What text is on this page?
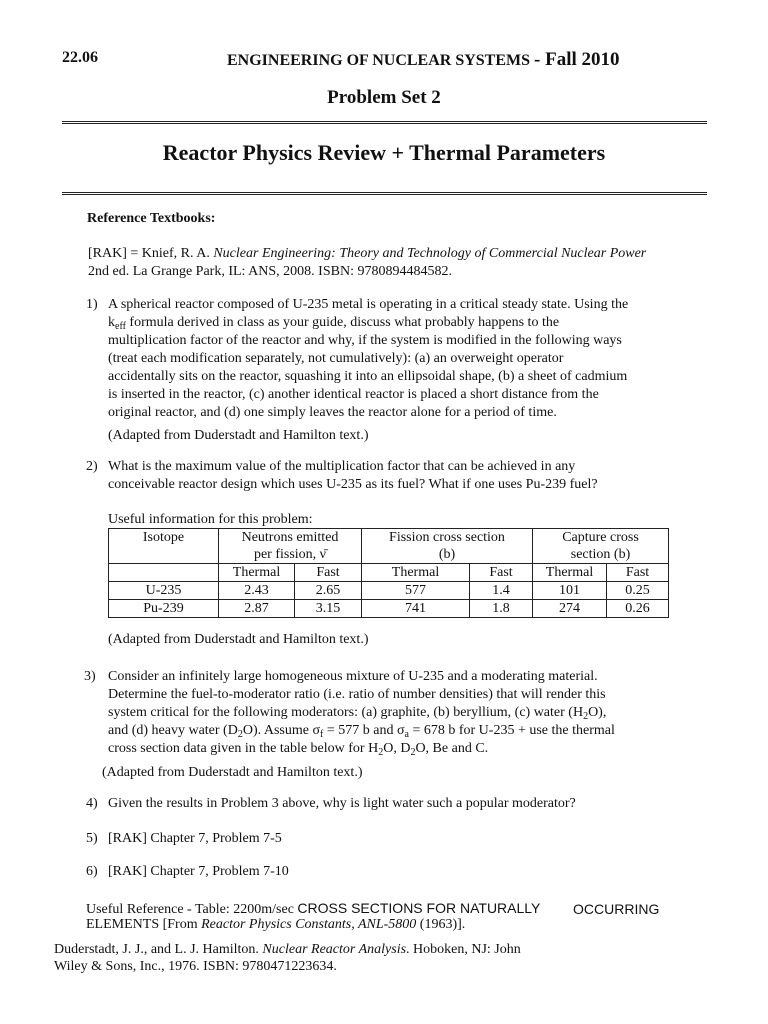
22.06	ENGINEERING OF NUCLEAR SYSTEMS - Fall 2010
Problem Set 2
Reactor Physics Review + Thermal Parameters
Reference Textbooks:
[RAK] = Knief, R. A. Nuclear Engineering: Theory and Technology of Commercial Nuclear Power
2nd ed. La Grange Park, IL: ANS, 2008. ISBN: 9780894484582.
1) A spherical reactor composed of U-235 metal is operating in a critical steady state. Using the
$k_{eff}$ formula derived in class as your guide, discuss what probably happens to the
multiplication factor of the reactor and why, if the system is modified in the following ways
(treat each modification separately, not cumulatively): (a) an overweight operator
accidentally sits on the reactor, squashing it into an ellipsoidal shape, (b) a sheet of cadmium
is inserted in the reactor, (c) another identical reactor is placed a short distance from the
original reactor, and (d) one simply leaves the reactor alone for a period of time.
(Adapted from Duderstadt and Hamilton text.)
2) What is the maximum value of the multiplication factor that can be achieved in any
conceivable reactor design which uses U-235 as its fuel? What if one uses Pu-239 fuel?
Useful information for this problem:
Isotope	Neutrons emitted		Fission cross section		Capture cross	
	per fission, ν̄		(b)		section (b)	
	Thermal	Fast	Thermal	Fast	Thermal	Fast
U-235	2.43	2.65	577	1.4	101	0.25
Pu-239	2.87	3.15	741	1.8	274	0.26
(Adapted from Duderstadt and Hamilton text.)
3) Consider an infinitely large homogeneous mixture of U-235 and a moderating material.
Determine the fuel-to-moderator ratio (i.e. ratio of number densities) that will render this
system critical for the following moderators: (a) graphite, (b) beryllium, (c) water $(H_2O)$,
and (d) heavy water $(D_2O)$. Assume $\sigma_f = 577$ b and $\sigma_a = 678$ b for U-235 + use the thermal
cross section data given in the table below for $H_2O$, $D_2O$, Be and C.
(Adapted from Duderstadt and Hamilton text.)
4) Given the results in Problem 3 above, why is light water such a popular moderator?
5) [RAK] Chapter 7, Problem 7-5
6) [RAK] Chapter 7, Problem 7-10
Useful Reference - Table: 2200m/sec CROSS SECTIONS FOR NATURALLY OCCURRING
ELEMENTS [From Reactor Physics Constants, ANL-5800 (1963)].
Duderstadt, J. J., and L. J. Hamilton. Nuclear Reactor Analysis. Hoboken, NJ: John
Wiley & Sons, Inc., 1976. ISBN: 9780471223634.
